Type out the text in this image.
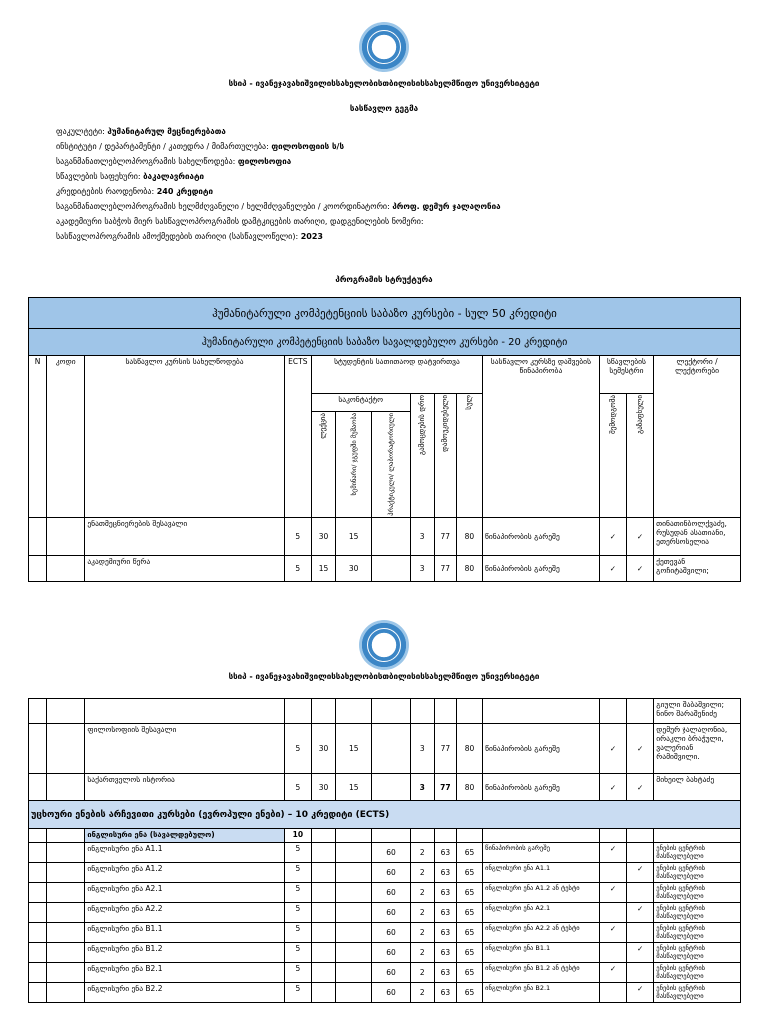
სსიპ - ივანეჯავახიშვილისსახელობისთბილისისსახელმწიფო უნივერსიტეტი
სასწავლო გეგმა
ფაკულტეტი: ჰუმანიტარულ მეცნიერებათა
ინსტიტუტი / დეპარტამენტი / კათედრა / მიმართულება: ფილოსოფიის ს/ს
საგანმანათლებლოპროგრამის სახელწოდება: ფილოსოფია
სწავლების საფეხური: ბაკალავრიატი
კრედიტების რაოდენობა: 240 კრედიტი
საგანმანათლებლოპროგრამის ხელმძღვანელი / ხელმძღვანელები / კოორდინატორი: პროფ. დემურ ჯალაღონია
აკადემიური საბჭოს მიერ სასწავლოპროგრამის დამტკიცების თარიღი, დადგენილების ნომერი:
სასწავლოპროგრამის ამოქმედების თარიღი (სასწავლოწელი): 2023
პროგრამის სტრუქტურა
ჰუმანიტარული კომპეტენციის საბაზო კურსები - სულ 50 კრედიტი													
ჰუმანიტარული კომპეტენციის საბაზო სავალდებულო კურსები - 20 კრედიტი													
N	კოდი	სასწავლო კურსის სახელწოდება	ECTS	სტუდენტის სათითაოდ დატვირთვა						სასწავლო კურსზე დაშვების წინაპირობა	სწავლების სემესტრი		ლექტორი / ლექტორები
				საკონტაქტო			გამოცდების დრო	დამოუკიდებელი	სულ		შემოდგომა	გაზაფხული	

				ლექცია	სემინარი/ ჯგუფში მუშაობა	პრაქტიკული/ ლაბორატორიული							

		ენათმეცნიერების შესავალი	5	30	15		3	77	80	წინაპირობის გარეშე	✓	✓	თინათინბოლქვაძე, რუსუდან ასათიანი, ეთერსოსელია
		აკადემიური წერა	5	15	30		3	77	80	წინაპირობის გარეშე	✓	✓	ქეთევან გოჩიტაშვილი;
სსიპ - ივანეჯავახიშვილისსახელობისთბილისისსახელმწიფო უნივერსიტეტი
													გიული შაბაშვილი; ნინო შარაშენიძე
		ფილოსოფიის შესავალი	5	30	15		3	77	80	წინაპირობის გარეშე	✓	✓	დემურ ჯალაღონია, ირაკლი ბრაჭული, ვალერიან რამიშვილი.
		საქართველოს ისტორია	5	30	15		3	77	80	წინაპირობის გარეშე	✓	✓	მიხეილ ბახტაძე
უცხოური ენების არჩევითი კურსები (ევროპული ენები) – 10 კრედიტი (ECTS)													
		ინგლისური ენა (სავალდებულო)	10										
		ინგლისური ენა A1.1	5			60	2	63	65	წინაპირობის გარეშე	✓		ენების ცენტრის მასწავლებელი
		ინგლისური ენა A1.2	5			60	2	63	65	ინგლისური ენა A1.1		✓	ენების ცენტრის მასწავლებელი
		ინგლისური ენა A2.1	5			60	2	63	65	ინგლისური ენა A1.2 ან ტესტი	✓		ენების ცენტრის მასწავლებელი
		ინგლისური ენა A2.2	5			60	2	63	65	ინგლისური ენა A2.1		✓	ენების ცენტრის მასწავლებელი
		ინგლისური ენა B1.1	5			60	2	63	65	ინგლისური ენა A2.2 ან ტესტი	✓		ენების ცენტრის მასწავლებელი
		ინგლისური ენა B1.2	5			60	2	63	65	ინგლისური ენა B1.1		✓	ენების ცენტრის მასწავლებელი
		ინგლისური ენა B2.1	5			60	2	63	65	ინგლისური ენა B1.2 ან ტესტი	✓		ენების ცენტრის მასწავლებელი
		ინგლისური ენა B2.2	5			60	2	63	65	ინგლისური ენა B2.1		✓	ენების ცენტრის მასწავლებელი
